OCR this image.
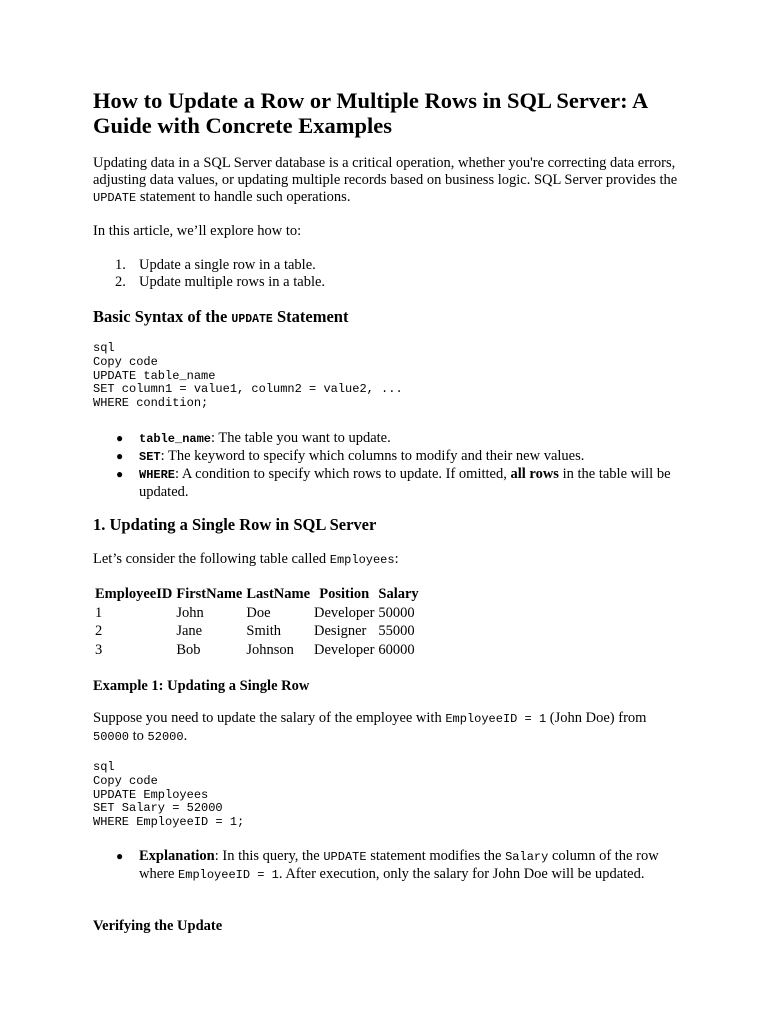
How to Update a Row or Multiple Rows in SQL Server: A Guide with Concrete Examples

Updating data in a SQL Server database is a critical operation, whether you're correcting data errors, adjusting data values, or updating multiple records based on business logic. SQL Server provides the UPDATE statement to handle such operations.

In this article, we’ll explore how to:

1. Update a single row in a table.
2. Update multiple rows in a table.
Basic Syntax of the UPDATE Statement
sql
Copy code
UPDATE table_name
SET column1 = value1, column2 = value2, ...
WHERE condition;
● table_name: The table you want to update.
● SET: The keyword to specify which columns to modify and their new values.
● WHERE: A condition to specify which rows to update. If omitted, all rows in the table will be updated.
1. Updating a Single Row in SQL Server

Let’s consider the following table called Employees:

EmployeeID	FirstName	LastName	Position	Salary
1	John	Doe	Developer	50000
2	Jane	Smith	Designer	55000
3	Bob	Johnson	Developer	60000
Example 1: Updating a Single Row

Suppose you need to update the salary of the employee with EmployeeID = 1 (John Doe) from 50000 to 52000.

sql
Copy code
UPDATE Employees
SET Salary = 52000
WHERE EmployeeID = 1;
● Explanation: In this query, the UPDATE statement modifies the Salary column of the row where EmployeeID = 1. After execution, only the salary for John Doe will be updated.
Verifying the Update
